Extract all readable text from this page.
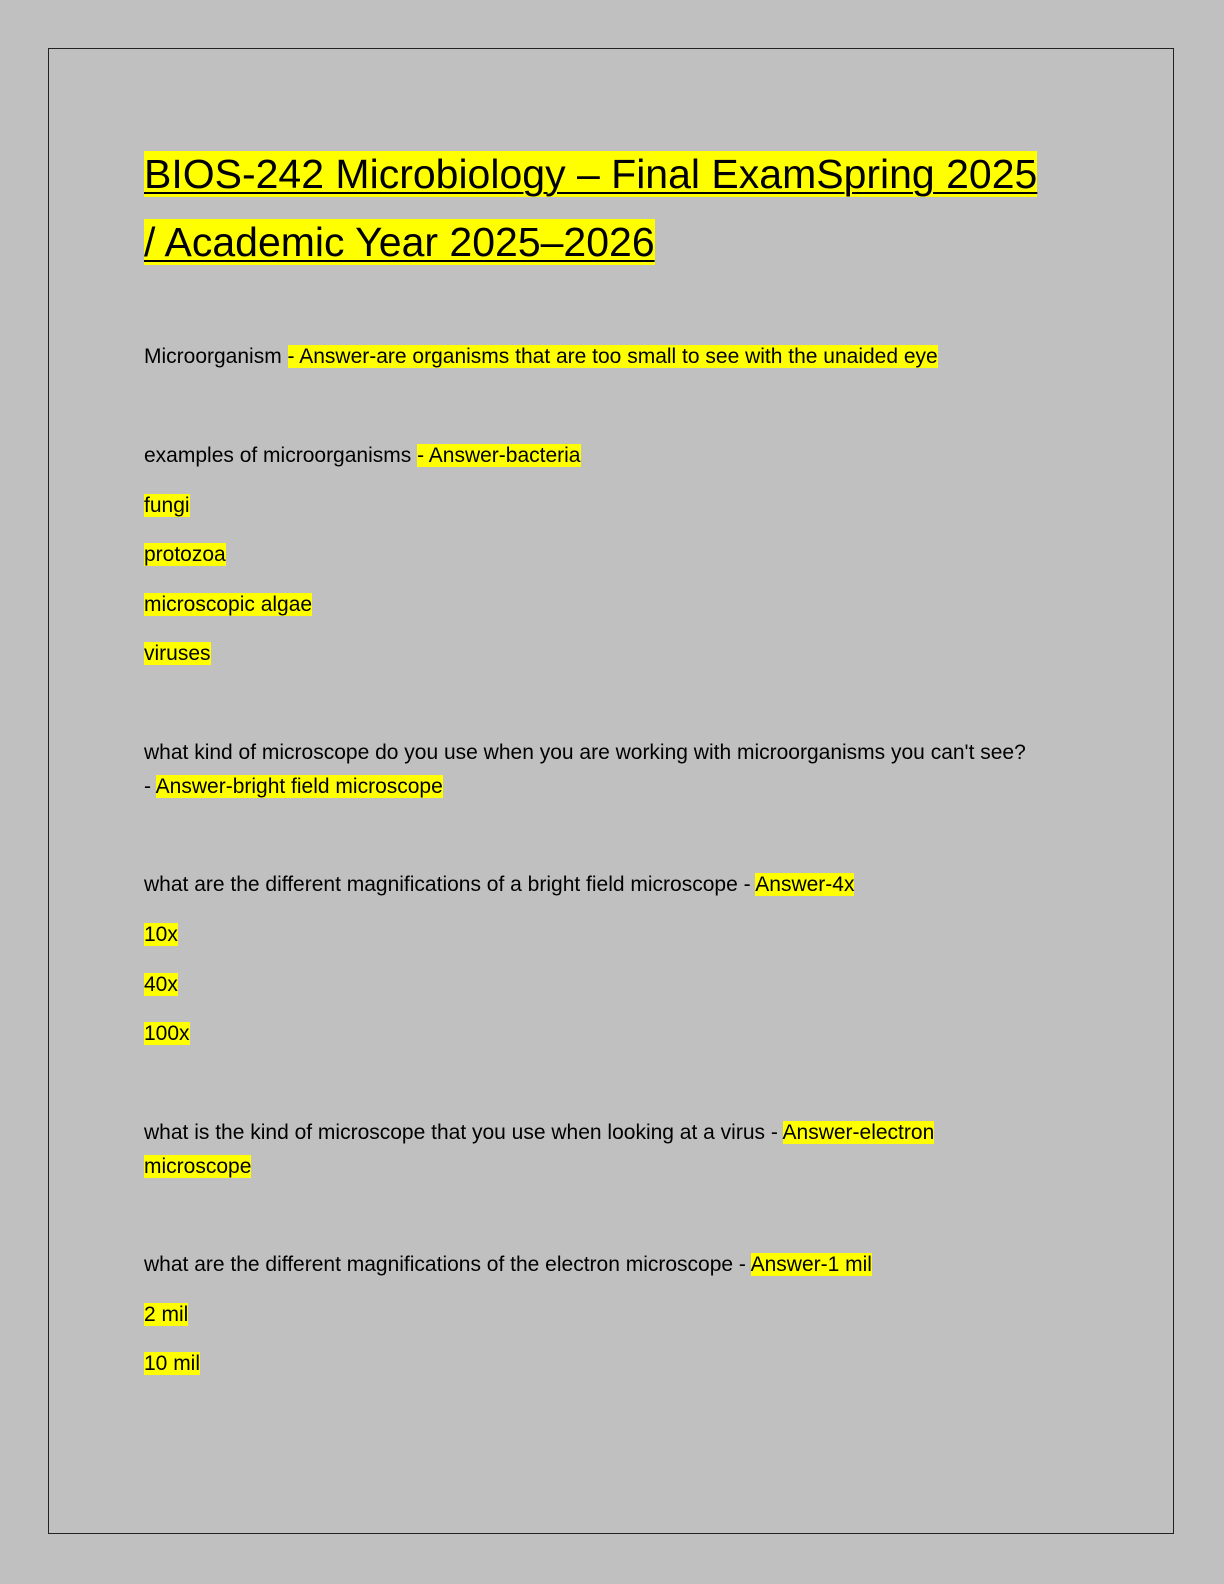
BIOS-242 Microbiology – Final ExamSpring 2025
/ Academic Year 2025–2026
Microorganism - Answer-are organisms that are too small to see with the unaided eye
examples of microorganisms - Answer-bacteria
fungi
protozoa
microscopic algae
viruses
what kind of microscope do you use when you are working with microorganisms you can't see?
- Answer-bright field microscope
what are the different magnifications of a bright field microscope - Answer-4x
10x
40x
100x
what is the kind of microscope that you use when looking at a virus - Answer-electron
microscope
what are the different magnifications of the electron microscope - Answer-1 mil
2 mil
10 mil
